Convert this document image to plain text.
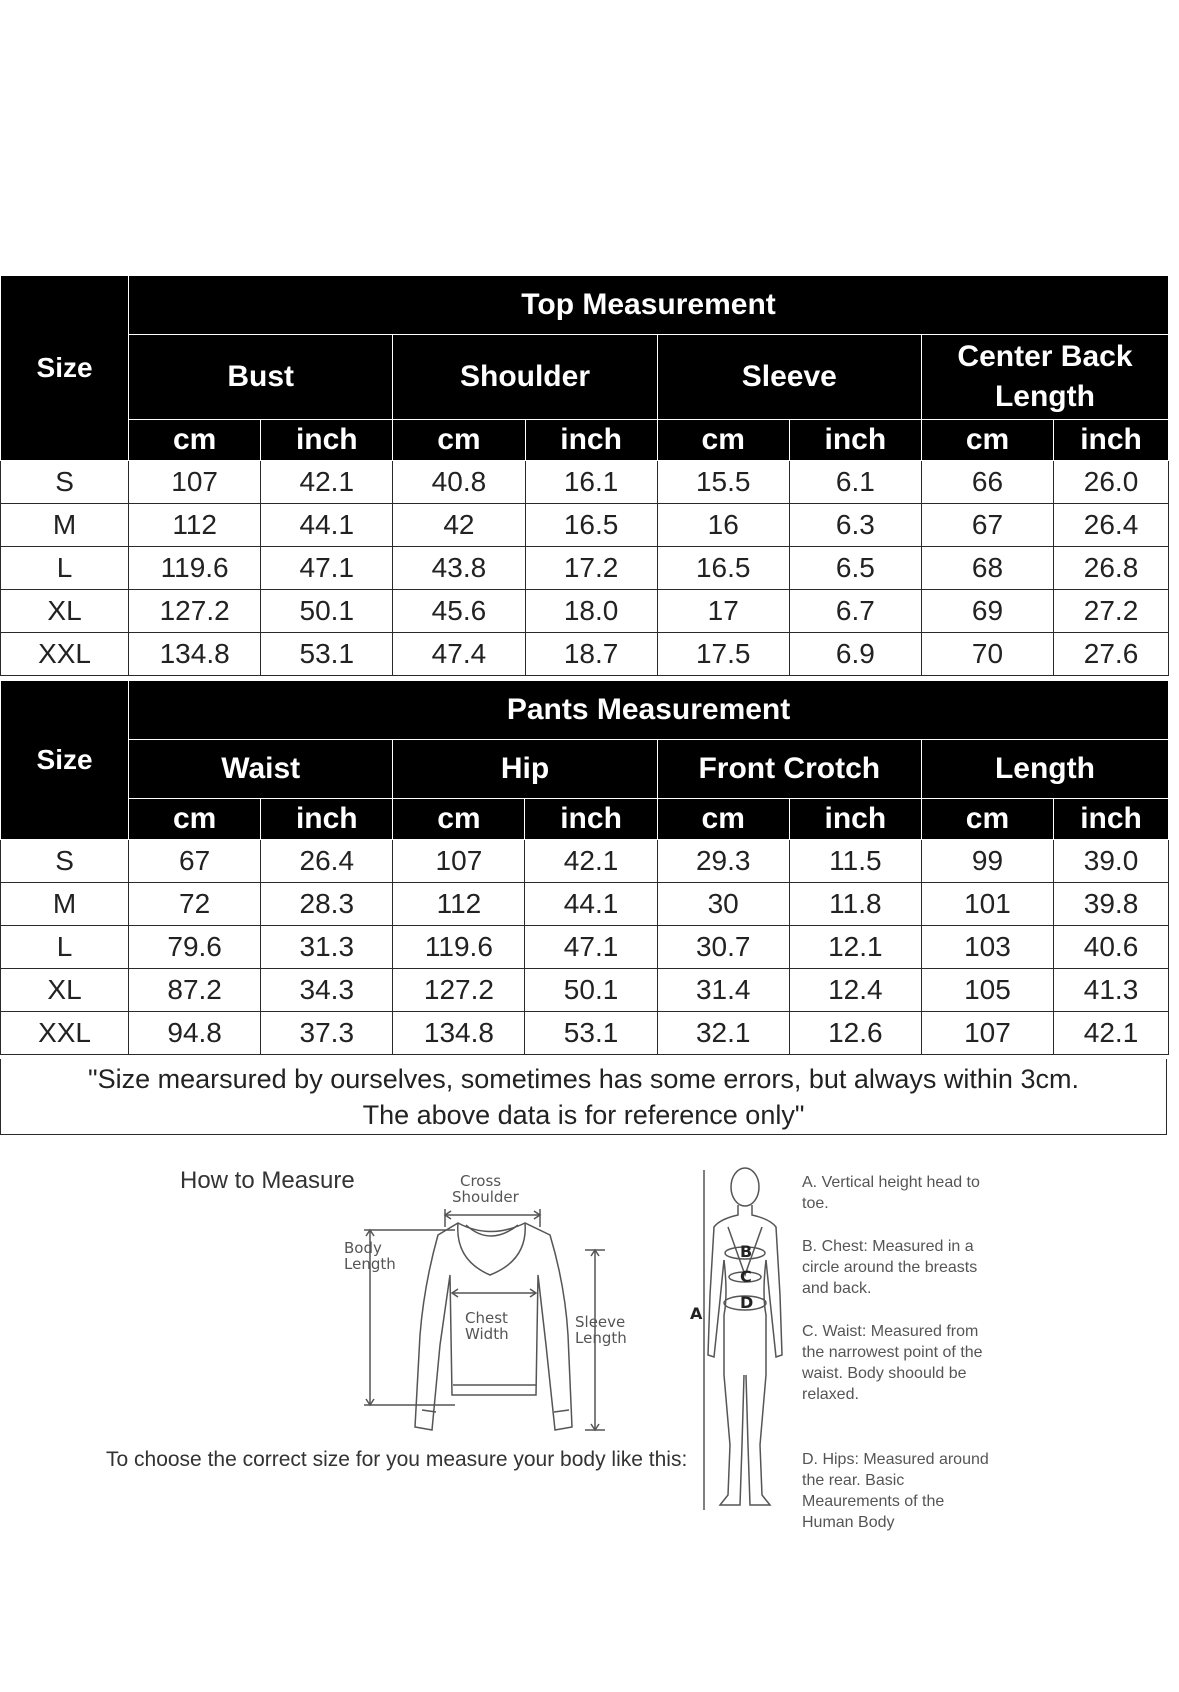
Size	Top Measurement							
	Bust		Shoulder		Sleeve		Center Back Length	
	cm	inch	cm	inch	cm	inch	cm	inch
S	107	42.1	40.8	16.1	15.5	6.1	66	26.0
M	112	44.1	42	16.5	16	6.3	67	26.4
L	119.6	47.1	43.8	17.2	16.5	6.5	68	26.8
XL	127.2	50.1	45.6	18.0	17	6.7	69	27.2
XXL	134.8	53.1	47.4	18.7	17.5	6.9	70	27.6
Size	Pants Measurement							
	Waist		Hip		Front Crotch		Length	
	cm	inch	cm	inch	cm	inch	cm	inch
S	67	26.4	107	42.1	29.3	11.5	99	39.0
M	72	28.3	112	44.1	30	11.8	101	39.8
L	79.6	31.3	119.6	47.1	30.7	12.1	103	40.6
XL	87.2	34.3	127.2	50.1	31.4	12.4	105	41.3
XXL	94.8	37.3	134.8	53.1	32.1	12.6	107	42.1
"Size mearsured by ourselves, sometimes has some errors, but always within 3cm.
The above data is for reference only"
How to Measure
To choose the correct size for you measure your body like this:
Cross
Shoulder
Body
Length
Chest
Width
Sleeve
Length
A
B
C
D
A. Vertical height head to toe.
B. Chest: Measured in a circle around the breasts and back.
C. Waist: Measured from the narrowest point of the waist. Body shoould be relaxed.
D. Hips: Measured around the rear. Basic Meaurements of the Human Body
